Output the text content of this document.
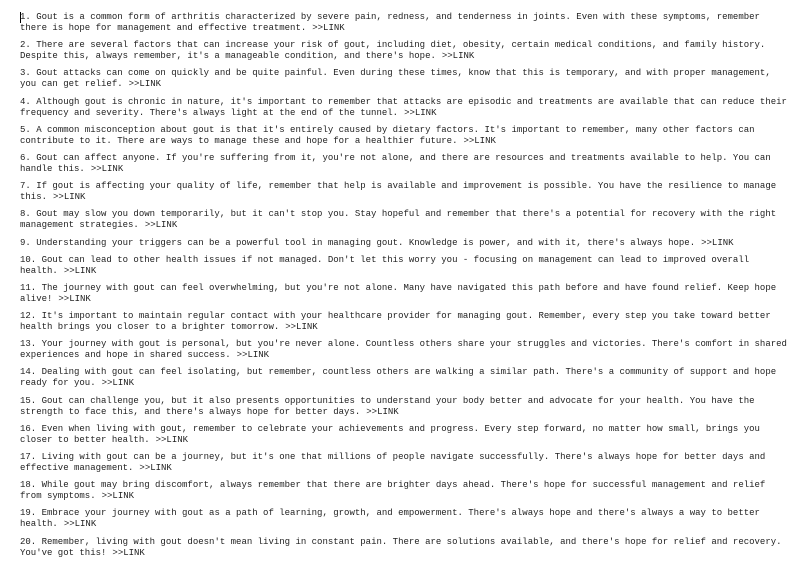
1. Gout is a common form of arthritis characterized by severe pain, redness, and tenderness in joints. Even with these symptoms, remember there is hope for management and effective treatment. >>LINK
2. There are several factors that can increase your risk of gout, including diet, obesity, certain medical conditions, and family history. Despite this, always remember, it's a manageable condition, and there's hope. >>LINK
3. Gout attacks can come on quickly and be quite painful. Even during these times, know that this is temporary, and with proper management, you can get relief. >>LINK
4. Although gout is chronic in nature, it's important to remember that attacks are episodic and treatments are available that can reduce their frequency and severity. There's always light at the end of the tunnel. >>LINK
5. A common misconception about gout is that it's entirely caused by dietary factors. It's important to remember, many other factors can contribute to it. There are ways to manage these and hope for a healthier future. >>LINK
6. Gout can affect anyone. If you're suffering from it, you're not alone, and there are resources and treatments available to help. You can handle this. >>LINK
7. If gout is affecting your quality of life, remember that help is available and improvement is possible. You have the resilience to manage this. >>LINK
8. Gout may slow you down temporarily, but it can't stop you. Stay hopeful and remember that there's a potential for recovery with the right management strategies. >>LINK
9. Understanding your triggers can be a powerful tool in managing gout. Knowledge is power, and with it, there's always hope. >>LINK
10. Gout can lead to other health issues if not managed. Don't let this worry you - focusing on management can lead to improved overall health. >>LINK
11. The journey with gout can feel overwhelming, but you're not alone. Many have navigated this path before and have found relief. Keep hope alive! >>LINK
12. It's important to maintain regular contact with your healthcare provider for managing gout. Remember, every step you take toward better health brings you closer to a brighter tomorrow. >>LINK
13. Your journey with gout is personal, but you're never alone. Countless others share your struggles and victories. There's comfort in shared experiences and hope in shared success. >>LINK
14. Dealing with gout can feel isolating, but remember, countless others are walking a similar path. There's a community of support and hope ready for you. >>LINK
15. Gout can challenge you, but it also presents opportunities to understand your body better and advocate for your health. You have the strength to face this, and there's always hope for better days. >>LINK
16. Even when living with gout, remember to celebrate your achievements and progress. Every step forward, no matter how small, brings you closer to better health. >>LINK
17. Living with gout can be a journey, but it's one that millions of people navigate successfully. There's always hope for better days and effective management. >>LINK
18. While gout may bring discomfort, always remember that there are brighter days ahead. There's hope for successful management and relief from symptoms. >>LINK
19. Embrace your journey with gout as a path of learning, growth, and empowerment. There's always hope and there's always a way to better health. >>LINK
20. Remember, living with gout doesn't mean living in constant pain. There are solutions available, and there's hope for relief and recovery. You've got this! >>LINK
